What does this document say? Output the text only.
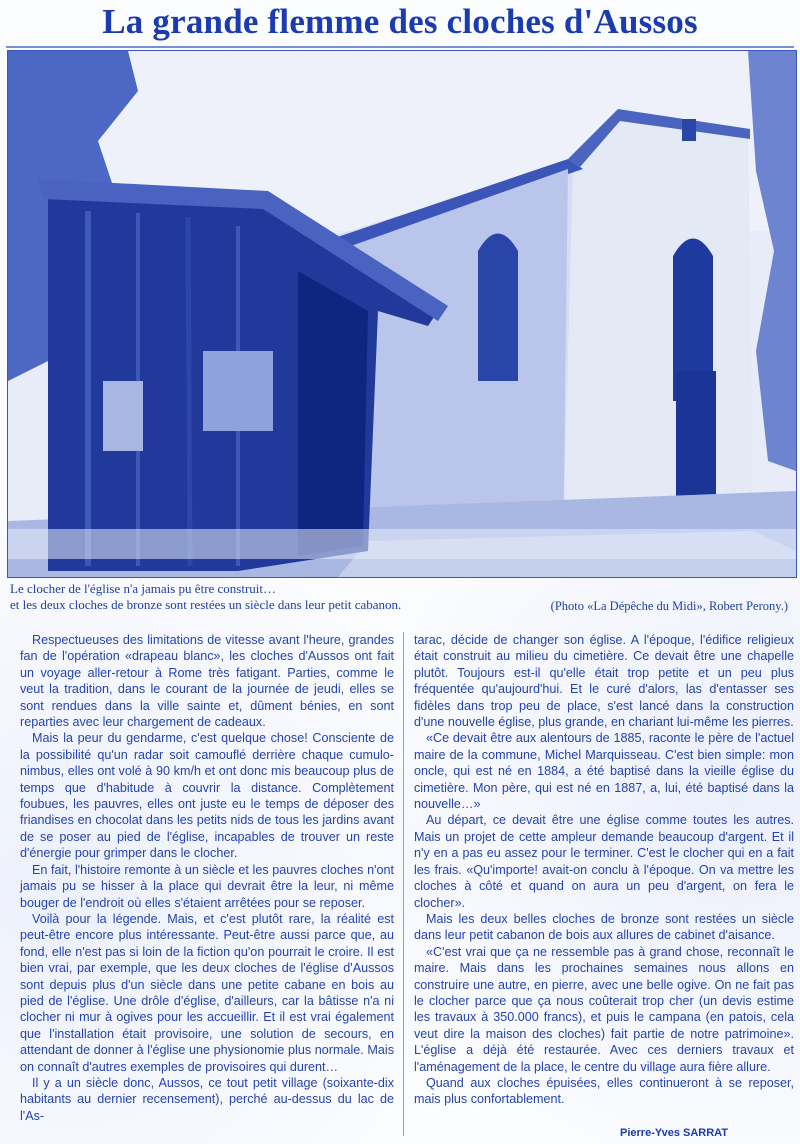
La grande flemme des cloches d'Aussos
Le clocher de l'église n'a jamais pu être construit…
et les deux cloches de bronze sont restées un siècle dans leur petit cabanon.	(Photo «La Dépêche du Midi», Robert Perony.)

Respectueuses des limitations de vitesse avant l'heure, grandes fan de l'opération «drapeau blanc», les cloches d'Aussos ont fait un voyage aller-retour à Rome très fatigant. Parties, comme le veut la tradition, dans le courant de la journée de jeudi, elles se sont rendues dans la ville sainte et, dûment bénies, en sont reparties avec leur chargement de cadeaux.

Mais la peur du gendarme, c'est quelque chose! Consciente de la possibilité qu'un radar soit camouflé derrière chaque cumulo-nimbus, elles ont volé à 90 km/h et ont donc mis beaucoup plus de temps que d'habitude à couvrir la distance. Complètement foubues, les pauvres, elles ont juste eu le temps de déposer des friandises en chocolat dans les petits nids de tous les jardins avant de se poser au pied de l'église, incapables de trouver un reste d'énergie pour grimper dans le clocher.

En fait, l'histoire remonte à un siècle et les pauvres cloches n'ont jamais pu se hisser à la place qui devrait être la leur, ni même bouger de l'endroit où elles s'étaient arrêtées pour se reposer.

Voilà pour la légende. Mais, et c'est plutôt rare, la réalité est peut-être encore plus intéressante. Peut-être aussi parce que, au fond, elle n'est pas si loin de la fiction qu'on pourrait le croire. Il est bien vrai, par exemple, que les deux cloches de l'église d'Aussos sont depuis plus d'un siècle dans une petite cabane en bois au pied de l'église. Une drôle d'église, d'ailleurs, car la bâtisse n'a ni clocher ni mur à ogives pour les accueillir. Et il est vrai également que l'installation était provisoire, une solution de secours, en attendant de donner à l'église une physionomie plus normale. Mais on connaît d'autres exemples de provisoires qui durent…

Il y a un siècle donc, Aussos, ce tout petit village (soixante-dix habitants au dernier recensement), perché au-dessus du lac de l'As-

tarac, décide de changer son église. A l'époque, l'édifice religieux était construit au milieu du cimetière. Ce devait être une chapelle plutôt. Toujours est-il qu'elle était trop petite et un peu plus fréquentée qu'aujourd'hui. Et le curé d'alors, las d'entasser ses fidèles dans trop peu de place, s'est lancé dans la construction d'une nouvelle église, plus grande, en chariant lui-même les pierres.

«Ce devait être aux alentours de 1885, raconte le père de l'actuel maire de la commune, Michel Marquisseau. C'est bien simple: mon oncle, qui est né en 1884, a été baptisé dans la vieille église du cimetière. Mon père, qui est né en 1887, a, lui, été baptisé dans la nouvelle…»

Au départ, ce devait être une église comme toutes les autres. Mais un projet de cette ampleur demande beaucoup d'argent. Et il n'y en a pas eu assez pour le terminer. C'est le clocher qui en a fait les frais. «Qu'importe! avait-on conclu à l'époque. On va mettre les cloches à côté et quand on aura un peu d'argent, on fera le clocher».

Mais les deux belles cloches de bronze sont restées un siècle dans leur petit cabanon de bois aux allures de cabinet d'aisance.

«C'est vrai que ça ne ressemble pas à grand chose, reconnaît le maire. Mais dans les prochaines semaines nous allons en construire une autre, en pierre, avec une belle ogive. On ne fait pas le clocher parce que ça nous coûterait trop cher (un devis estime les travaux à 350.000 francs), et puis le campana (en patois, cela veut dire la maison des cloches) fait partie de notre patrimoine». L'église a déjà été restaurée. Avec ces derniers travaux et l'aménagement de la place, le centre du village aura fière allure.

Quand aux cloches épuisées, elles continueront à se reposer, mais plus confortablement.

Pierre-Yves SARRAT
